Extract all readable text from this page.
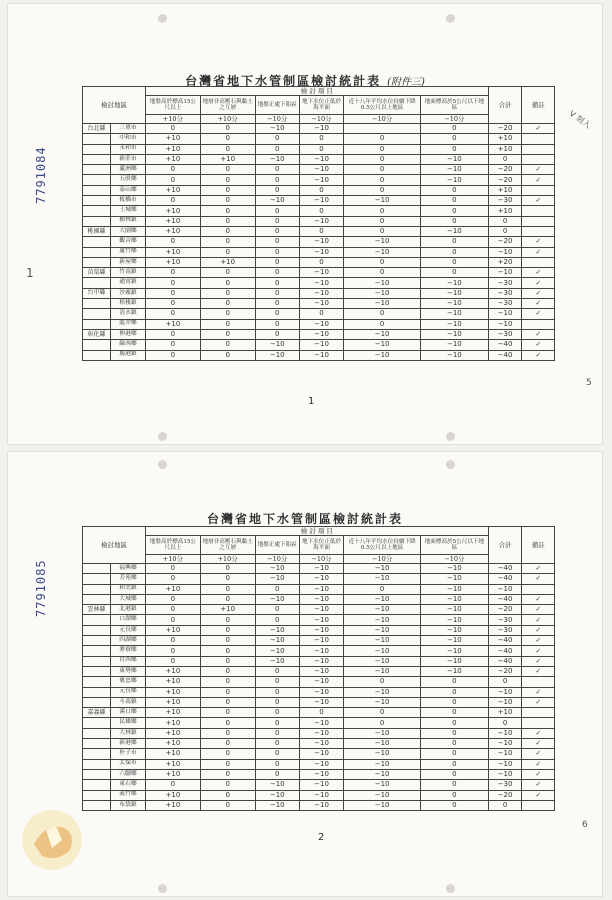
7791084
1
V 刻入
5
台灣省地下水管制區檢討統計表 (附件三)
檢討地區		檢 討 項 目						合計	備註
		地盤高於標高15公尺以上	地層非高壓石與黏土之互層	地盤正處下陷區	地下水位正低於海平面	近十八年平均水位持續下降0.5公尺以上地區	地面標高於5公尺以下地區		
		+10分	+10分	−10分	−10分	−10分	−10分		
台北縣	三重市	0	0	−10	−10		0	−20	✓
	中和市	+10	0	0	0	0	0	+10	
	永和市	+10	0	0	0	0	0	+10	
	新莊市	+10	+10	−10	−10	0	−10	0	
	蘆洲鄉	0	0	0	−10	0	−10	−20	✓
	五股鄉	0	0	0	−10	0	−10	−20	✓
	泰山鄉	+10	0	0	0	0	0	+10	
	板橋市	0	0	−10	−10	−10	0	−30	✓
	土城鄉	+10	0	0	0	0	0	+10	
	樹林鎮	+10	0	0	−10	0	0	0	
桃園縣	大園鄉	+10	0	0	0	0	−10	0	
	觀音鄉	0	0	0	−10	−10	0	−20	✓
	蘆竹鄉	+10	0	0	−10	−10	0	−10	✓
	新屋鄉	+10	+10	0	0	0	0	+20	
苗栗縣	竹南鎮	0	0	0	−10	0	0	−10	✓
	通霄鎮	0	0	0	−10	−10	−10	−30	✓
台中縣	沙鹿鎮	0	0	0	−10	−10	−10	−30	✓
	梧棲鎮	0	0	0	−10	−10	−10	−30	✓
	清水鎮	0	0	0	0	0	−10	−10	✓
	龍井鄉	+10	0	0	−10	0	−10	−10	
彰化縣	伸港鄉	0	0	0	−10	−10	−10	−30	✓
	線西鄉	0	0	−10	−10	−10	−10	−40	✓
	鹿港鎮	0	0	−10	−10	−10	−10	−40	✓
1
7791085
6
台灣省地下水管制區檢討統計表
檢討地區		檢 討 項 目						合計	備註
		地盤高於標高15公尺以上	地層非高壓石與黏土之互層	地盤正處下陷區	地下水位正低於海平面	近十八年平均水位持續下降0.5公尺以上地區	地面標高於5公尺以下地區		
		+10分	+10分	−10分	−10分	−10分	−10分		
	福興鄉	0	0	−10	−10	−10	−10	−40	✓
	芳苑鄉	0	0	−10	−10	−10	−10	−40	✓
	和美鎮	+10	0	0	−10	0	−10	−10	
	大城鄉	0	0	−10	−10	−10	−10	−40	✓
雲林縣	北港鎮	0	+10	0	−10	−10	−10	−20	✓
	口湖鄉	0	0	0	−10	−10	−10	−30	✓
	元長鄉	+10	0	−10	−10	−10	−10	−30	✓
	四湖鄉	0	0	−10	−10	−10	−10	−40	✓
	麥寮鄉	0	0	−10	−10	−10	−10	−40	✓
	台西鄉	0	0	−10	−10	−10	−10	−40	✓
	東勢鄉	+10	0	0	−10	−10	−10	−20	✓
	褒忠鄉	+10	0	0	−10	0	0	0	
	元長鄉	+10	0	0	−10	−10	0	−10	✓
	斗南鎮	+10	0	0	−10	−10	0	−10	✓
嘉義縣	溪口鄉	+10	0	0	0	0	0	+10	
	民雄鄉	+10	0	0	−10	0	0	0	
	大林鎮	+10	0	0	−10	−10	0	−10	✓
	新港鄉	+10	0	0	−10	−10	0	−10	✓
	朴子市	+10	0	0	−10	−10	0	−10	✓
	太保市	+10	0	0	−10	−10	0	−10	✓
	六腳鄉	+10	0	0	−10	−10	0	−10	✓
	東石鄉	0	0	−10	−10	−10	0	−30	✓
	義竹鄉	+10	0	−10	−10	−10	0	−20	✓
	布袋鎮	+10	0	−10	−10	−10	0	0	
2
